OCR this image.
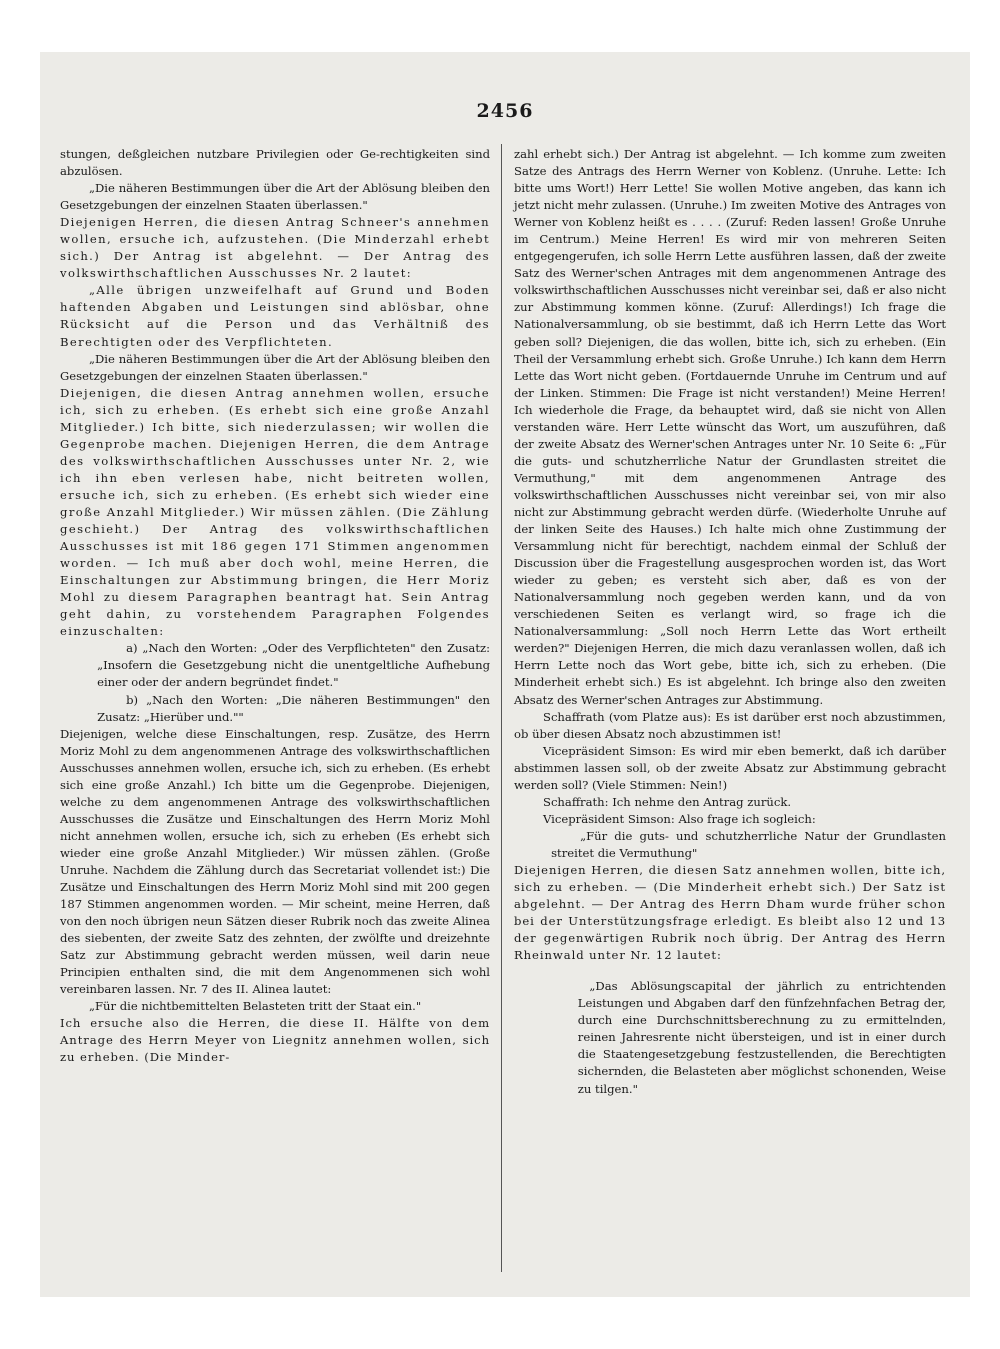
2456

stungen, deßgleichen nutzbare Privilegien oder Ge-rechtigkeiten sind abzulösen.

„Die näheren Bestimmungen über die Art der Ablösung bleiben den Gesetzgebungen der einzelnen Staaten überlassen."

Diejenigen Herren, die diesen Antrag Schneer's annehmen wollen, ersuche ich, aufzustehen. (Die Minderzahl erhebt sich.) Der Antrag ist abgelehnt. — Der Antrag des volkswirthschaftlichen Ausschusses Nr. 2 lautet:

„Alle übrigen unzweifelhaft auf Grund und Boden haftenden Abgaben und Leistungen sind ablösbar, ohne Rücksicht auf die Person und das Verhältniß des Berechtigten oder des Verpflichteten.

„Die näheren Bestimmungen über die Art der Ablösung bleiben den Gesetzgebungen der einzelnen Staaten überlassen."

Diejenigen, die diesen Antrag annehmen wollen, ersuche ich, sich zu erheben. (Es erhebt sich eine große Anzahl Mitglieder.) Ich bitte, sich niederzulassen; wir wollen die Gegenprobe machen. Diejenigen Herren, die dem Antrage des volkswirthschaftlichen Ausschusses unter Nr. 2, wie ich ihn eben verlesen habe, nicht beitreten wollen, ersuche ich, sich zu erheben. (Es erhebt sich wieder eine große Anzahl Mitglieder.) Wir müssen zählen. (Die Zählung geschieht.) Der Antrag des volkswirthschaftlichen Ausschusses ist mit 186 gegen 171 Stimmen angenommen worden. — Ich muß aber doch wohl, meine Herren, die Einschaltungen zur Abstimmung bringen, die Herr Moriz Mohl zu diesem Paragraphen beantragt hat. Sein Antrag geht dahin, zu vorstehendem Paragraphen Folgendes einzuschalten:

a) „Nach den Worten: „Oder des Verpflichteten" den Zusatz: „Insofern die Gesetzgebung nicht die unentgeltliche Aufhebung einer oder der andern begründet findet."

b) „Nach den Worten: „Die näheren Bestimmungen" den Zusatz: „Hierüber und.""

Diejenigen, welche diese Einschaltungen, resp. Zusätze, des Herrn Moriz Mohl zu dem angenommenen Antrage des volkswirthschaftlichen Ausschusses annehmen wollen, ersuche ich, sich zu erheben. (Es erhebt sich eine große Anzahl.) Ich bitte um die Gegenprobe. Diejenigen, welche zu dem angenommenen Antrage des volkswirthschaftlichen Ausschusses die Zusätze und Einschaltungen des Herrn Moriz Mohl nicht annehmen wollen, ersuche ich, sich zu erheben (Es erhebt sich wieder eine große Anzahl Mitglieder.) Wir müssen zählen. (Große Unruhe. Nachdem die Zählung durch das Secretariat vollendet ist:) Die Zusätze und Einschaltungen des Herrn Moriz Mohl sind mit 200 gegen 187 Stimmen angenommen worden. — Mir scheint, meine Herren, daß von den noch übrigen neun Sätzen dieser Rubrik noch das zweite Alinea des siebenten, der zweite Satz des zehnten, der zwölfte und dreizehnte Satz zur Abstimmung gebracht werden müssen, weil darin neue Principien enthalten sind, die mit dem Angenommenen sich wohl vereinbaren lassen. Nr. 7 des II. Alinea lautet:

„Für die nichtbemittelten Belasteten tritt der Staat ein."

Ich ersuche also die Herren, die diese II. Hälfte von dem Antrage des Herrn Meyer von Liegnitz annehmen wollen, sich zu erheben. (Die Minder-

zahl erhebt sich.) Der Antrag ist abgelehnt. — Ich komme zum zweiten Satze des Antrags des Herrn Werner von Koblenz. (Unruhe. Lette: Ich bitte ums Wort!) Herr Lette! Sie wollen Motive angeben, das kann ich jetzt nicht mehr zulassen. (Unruhe.) Im zweiten Motive des Antrages von Werner von Koblenz heißt es . . . . (Zuruf: Reden lassen! Große Unruhe im Centrum.) Meine Herren! Es wird mir von mehreren Seiten entgegengerufen, ich solle Herrn Lette ausführen lassen, daß der zweite Satz des Werner'schen Antrages mit dem angenommenen Antrage des volkswirthschaftlichen Ausschusses nicht vereinbar sei, daß er also nicht zur Abstimmung kommen könne. (Zuruf: Allerdings!) Ich frage die Nationalversammlung, ob sie bestimmt, daß ich Herrn Lette das Wort geben soll? Diejenigen, die das wollen, bitte ich, sich zu erheben. (Ein Theil der Versammlung erhebt sich. Große Unruhe.) Ich kann dem Herrn Lette das Wort nicht geben. (Fortdauernde Unruhe im Centrum und auf der Linken. Stimmen: Die Frage ist nicht verstanden!) Meine Herren! Ich wiederhole die Frage, da behauptet wird, daß sie nicht von Allen verstanden wäre. Herr Lette wünscht das Wort, um auszuführen, daß der zweite Absatz des Werner'schen Antrages unter Nr. 10 Seite 6: „Für die guts- und schutzherrliche Natur der Grundlasten streitet die Vermuthung," mit dem angenommenen Antrage des volkswirthschaftlichen Ausschusses nicht vereinbar sei, von mir also nicht zur Abstimmung gebracht werden dürfe. (Wiederholte Unruhe auf der linken Seite des Hauses.) Ich halte mich ohne Zustimmung der Versammlung nicht für berechtigt, nachdem einmal der Schluß der Discussion über die Fragestellung ausgesprochen worden ist, das Wort wieder zu geben; es versteht sich aber, daß es von der Nationalversammlung noch gegeben werden kann, und da von verschiedenen Seiten es verlangt wird, so frage ich die Nationalversammlung: „Soll noch Herrn Lette das Wort ertheilt werden?" Diejenigen Herren, die mich dazu veranlassen wollen, daß ich Herrn Lette noch das Wort gebe, bitte ich, sich zu erheben. (Die Minderheit erhebt sich.) Es ist abgelehnt. Ich bringe also den zweiten Absatz des Werner'schen Antrages zur Abstimmung.

Schaffrath (vom Platze aus): Es ist darüber erst noch abzustimmen, ob über diesen Absatz noch abzustimmen ist!

Vicepräsident Simson: Es wird mir eben bemerkt, daß ich darüber abstimmen lassen soll, ob der zweite Absatz zur Abstimmung gebracht werden soll? (Viele Stimmen: Nein!)

Schaffrath: Ich nehme den Antrag zurück.

Vicepräsident Simson: Also frage ich sogleich:

„Für die guts- und schutzherrliche Natur der Grundlasten streitet die Vermuthung"

Diejenigen Herren, die diesen Satz annehmen wollen, bitte ich, sich zu erheben. — (Die Minderheit erhebt sich.) Der Satz ist abgelehnt. — Der Antrag des Herrn Dham wurde früher schon bei der Unterstützungsfrage erledigt. Es bleibt also 12 und 13 der gegenwärtigen Rubrik noch übrig. Der Antrag des Herrn Rheinwald unter Nr. 12 lautet:

„Das Ablösungscapital der jährlich zu entrichtenden Leistungen und Abgaben darf den fünfzehnfachen Betrag der, durch eine Durchschnittsberechnung zu zu ermittelnden, reinen Jahresrente nicht übersteigen, und ist in einer durch die Staatengesetzgebung festzustellenden, die Berechtigten sichernden, die Belasteten aber möglichst schonenden, Weise zu tilgen."
